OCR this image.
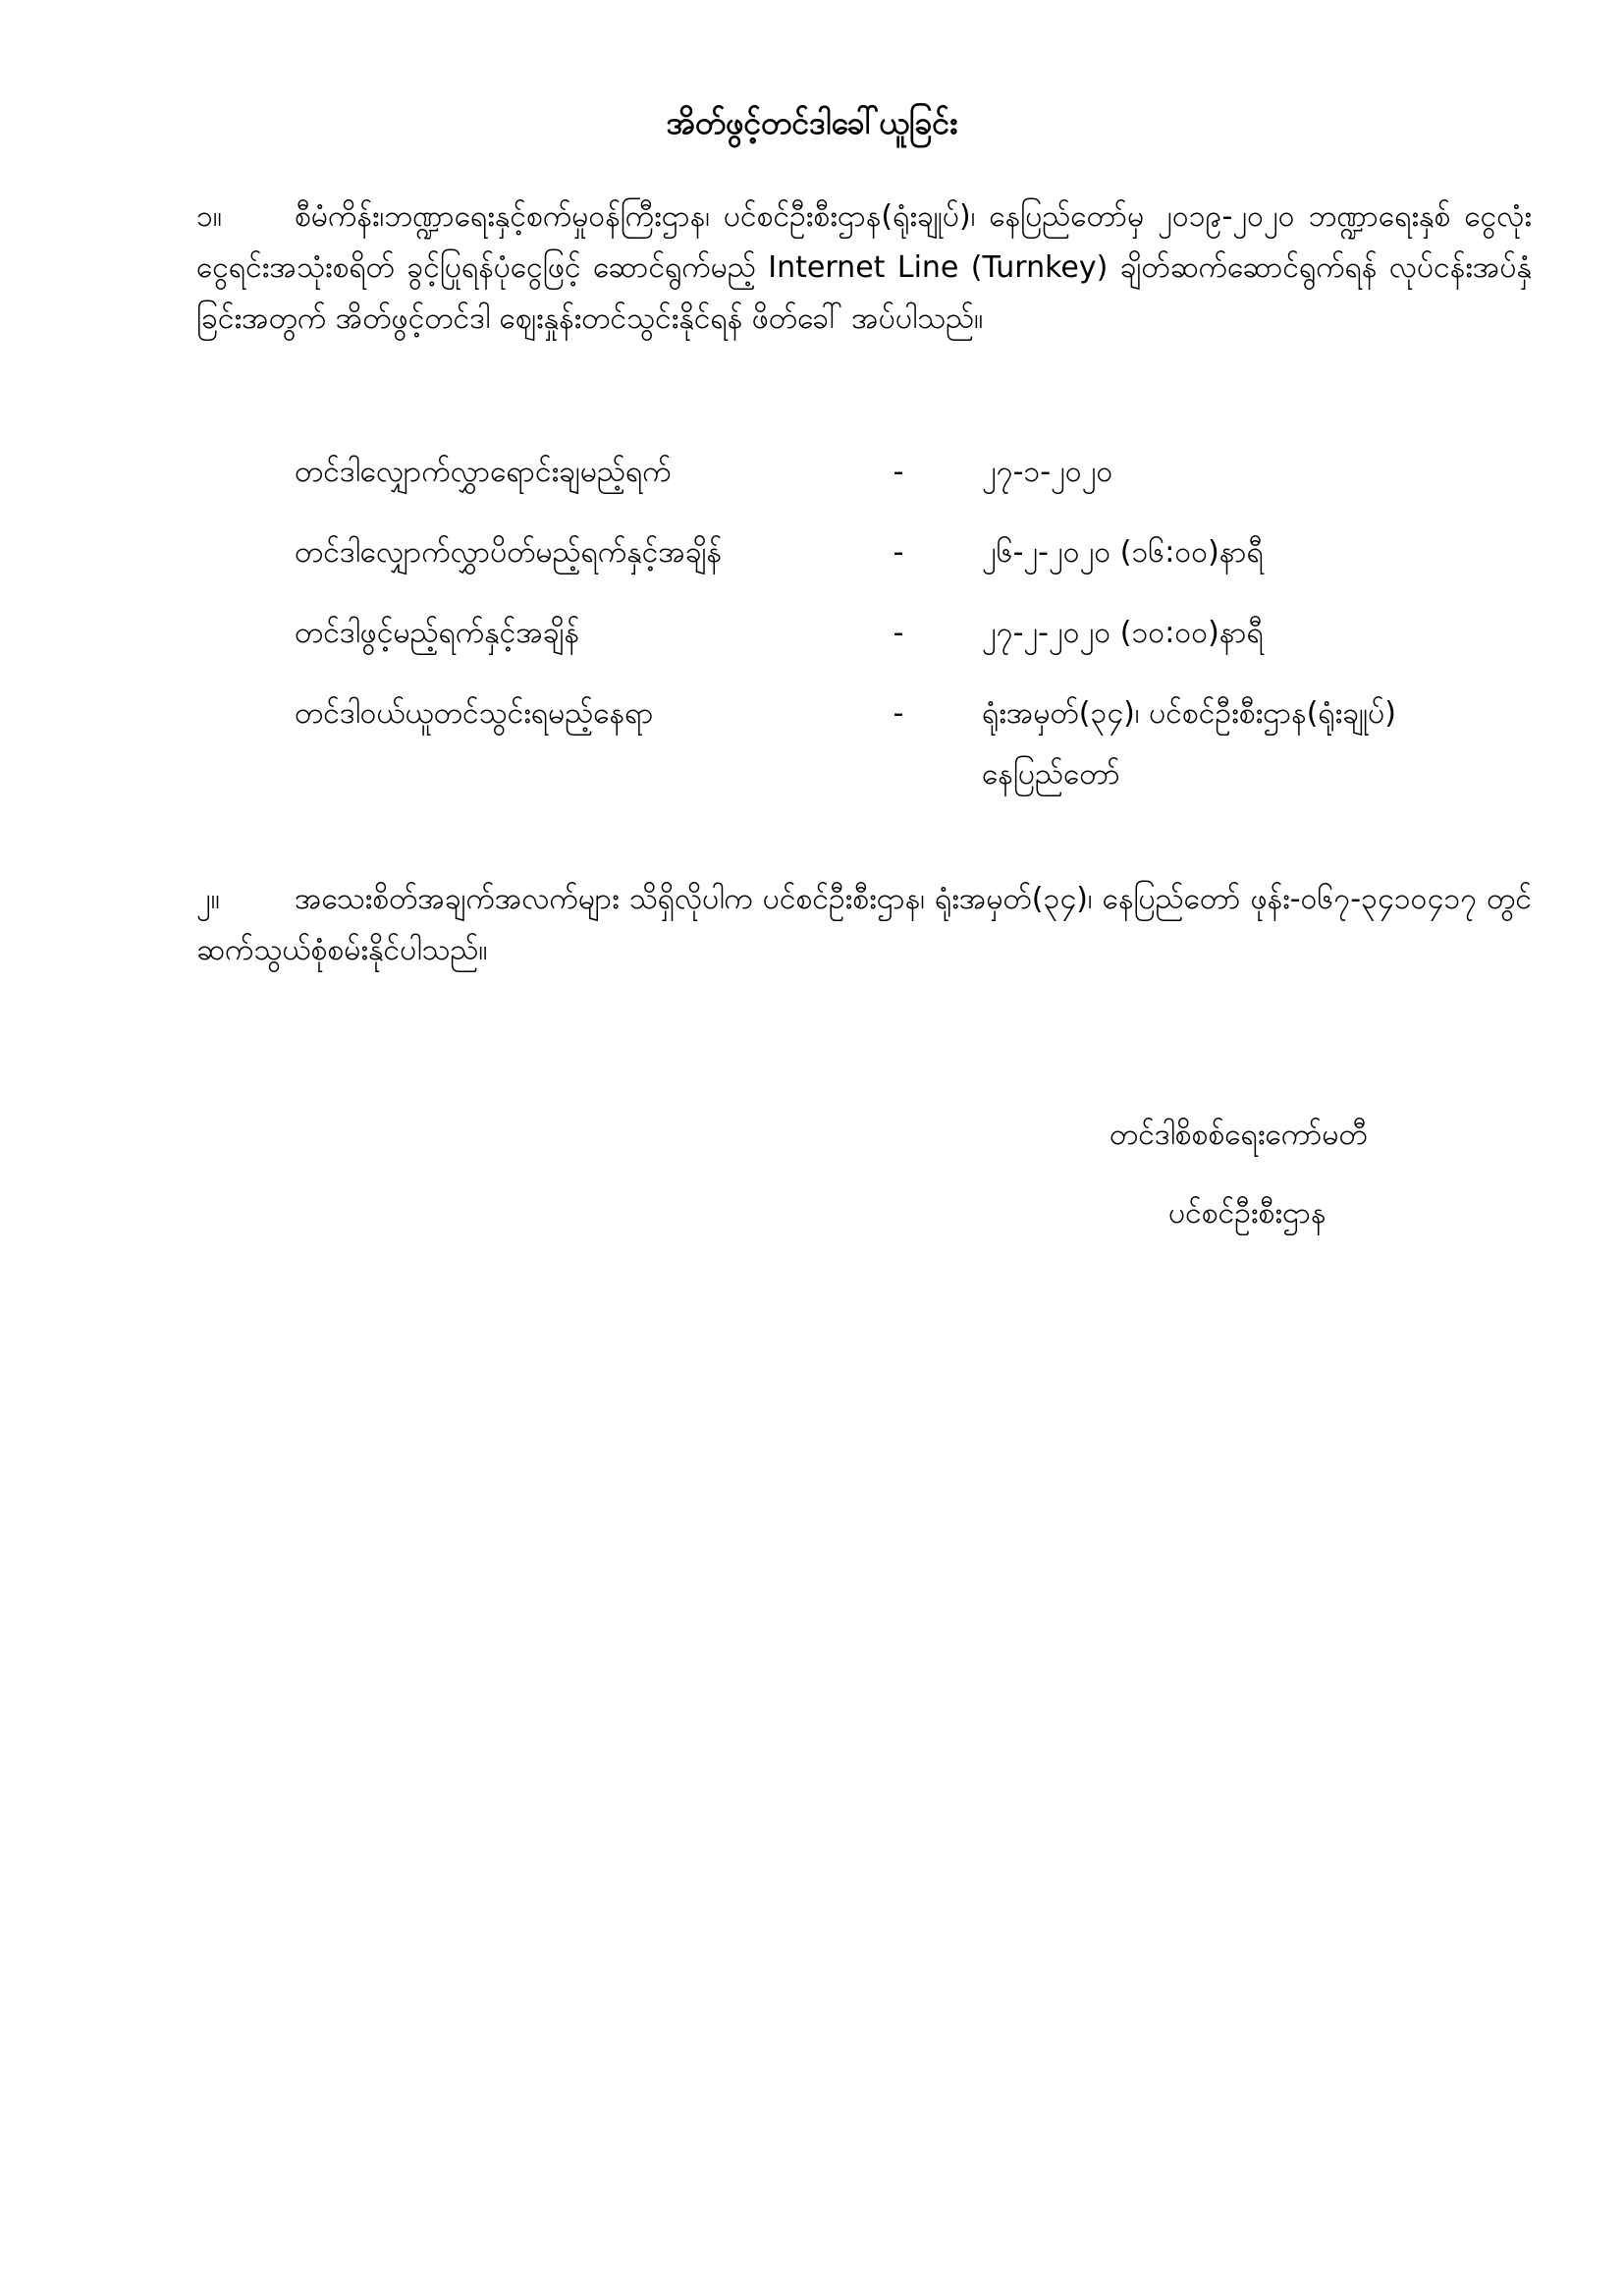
အိတ်ဖွင့်တင်ဒါခေါ်ယူခြင်း
၁။ စီမံကိန်း၊ဘဏ္ဍာရေးနှင့်စက်မှုဝန်ကြီးဌာန၊ ပင်စင်ဦးစီးဌာန(ရုံးချုပ်)၊ နေပြည်တော်မှ ၂၀၁၉-၂၀၂၀ ဘဏ္ဍာရေးနှစ် ငွေလုံးငွေရင်းအသုံးစရိတ် ခွင့်ပြုရန်ပုံငွေဖြင့် ဆောင်ရွက်မည့် Internet Line (Turnkey) ချိတ်ဆက်ဆောင်ရွက်ရန် လုပ်ငန်းအပ်နှံခြင်းအတွက် အိတ်ဖွင့်တင်ဒါ ဈေးနှုန်းတင်သွင်းနိုင်ရန် ဖိတ်ခေါ် အပ်ပါသည်။
တင်ဒါလျှောက်လွှာရောင်းချမည့်ရက်	-	၂၇-၁-၂၀၂၀
တင်ဒါလျှောက်လွှာပိတ်မည့်ရက်နှင့်အချိန်	-	၂၆-၂-၂၀၂၀ (၁၆:၀၀)နာရီ
တင်ဒါဖွင့်မည့်ရက်နှင့်အချိန်	-	၂၇-၂-၂၀၂၀ (၁၀:၀၀)နာရီ
တင်ဒါဝယ်ယူတင်သွင်းရမည့်နေရာ	-	ရုံးအမှတ်(၃၄)၊ ပင်စင်ဦးစီးဌာန(ရုံးချုပ်)
နေပြည်တော်
၂။	အသေးစိတ်အချက်အလက်များ သိရှိလိုပါက ပင်စင်ဦးစီးဌာန၊ ရုံးအမှတ်(၃၄)၊ နေပြည်တော် ဖုန်း-၀၆၇-၃၄၁၀၄၁၇ တွင် ဆက်သွယ်စုံစမ်းနိုင်ပါသည်။
တင်ဒါစိစစ်ရေးကော်မတီ
ပင်စင်ဦးစီးဌာန
